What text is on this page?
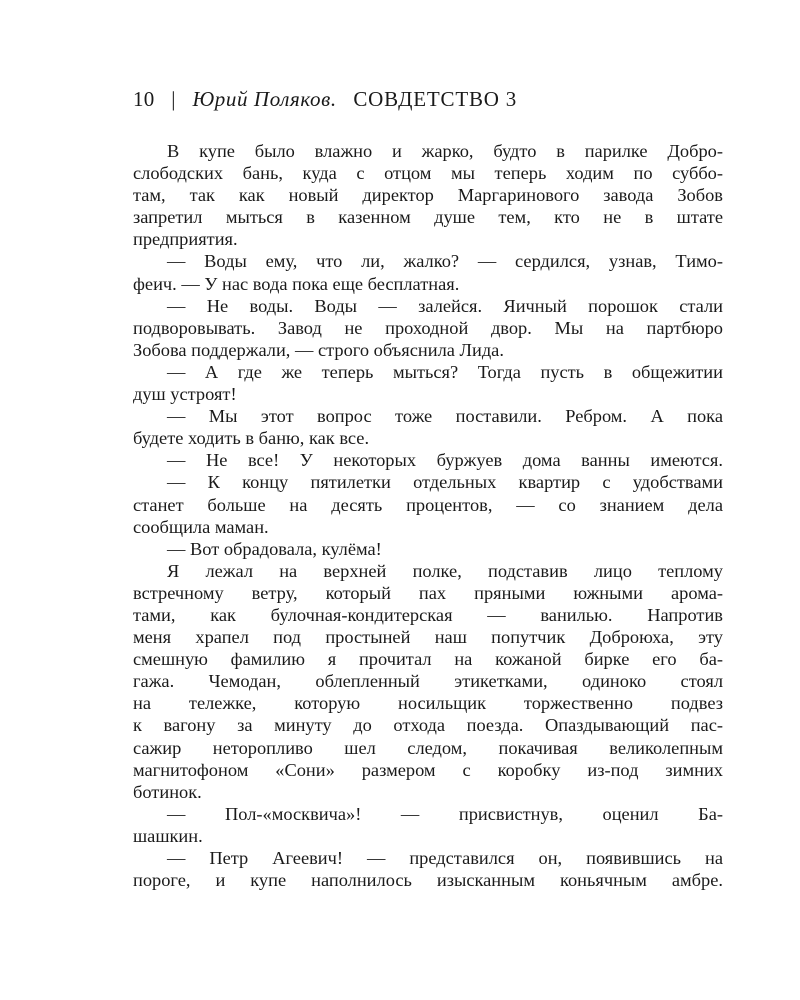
10 | Юрий Поляков. СОВДЕТСТВО 3
В купе было влажно и жарко, будто в парилке Добро-
слободских бань, куда с отцом мы теперь ходим по суббо-
там, так как новый директор Маргаринового завода Зобов
запретил мыться в казенном душе тем, кто не в штате
предприятия.
— Воды ему, что ли, жалко? — сердился, узнав, Тимо-
феич. — У нас вода пока еще бесплатная.
— Не воды. Воды — залейся. Яичный порошок стали
подворовывать. Завод не проходной двор. Мы на партбюро
Зобова поддержали, — строго объяснила Лида.
— А где же теперь мыться? Тогда пусть в общежитии
душ устроят!
— Мы этот вопрос тоже поставили. Ребром. А пока
будете ходить в баню, как все.
— Не все! У некоторых буржуев дома ванны имеются.
— К концу пятилетки отдельных квартир с удобствами
станет больше на десять процентов, — со знанием дела
сообщила маман.
— Вот обрадовала, кулёма!
Я лежал на верхней полке, подставив лицо теплому
встречному ветру, который пах пряными южными арома-
тами, как булочная-кондитерская — ванилью. Напротив
меня храпел под простыней наш попутчик Доброюха, эту
смешную фамилию я прочитал на кожаной бирке его ба-
гажа. Чемодан, облепленный этикетками, одиноко стоял
на тележке, которую носильщик торжественно подвез
к вагону за минуту до отхода поезда. Опаздывающий пас-
сажир неторопливо шел следом, покачивая великолепным
магнитофоном «Сони» размером с коробку из-под зимних
ботинок.
— Пол-«москвича»! — присвистнув, оценил Ба-
шашкин.
— Петр Агеевич! — представился он, появившись на
пороге, и купе наполнилось изысканным коньячным амбре.
